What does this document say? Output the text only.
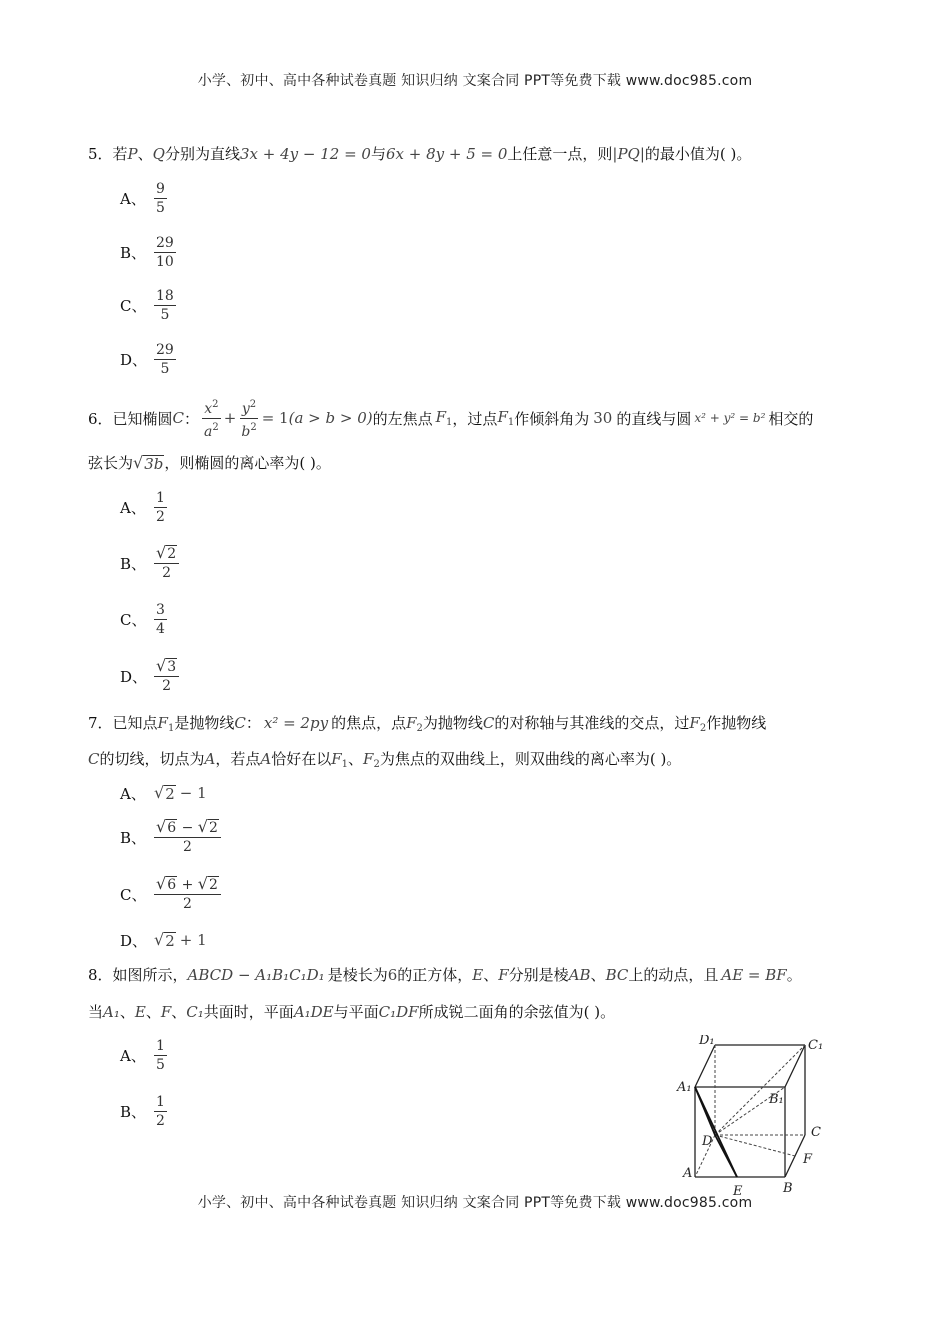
小学、初中、高中各种试卷真题 知识归纳 文案合同 PPT等免费下载 www.doc985.com
5．若P、Q分别为直线3x + 4y − 12 = 0与6x + 8y + 5 = 0上任意一点，则|PQ|的最小值为( )。
A、 $\frac{9}{5}$
B、 $\frac{29}{10}$
C、 $\frac{18}{5}$
D、 $\frac{29}{5}$
6．已知椭圆 C ： $\frac{x^2}{a^2} + \frac{y^2}{b^2} = 1$ (a > b > 0) 的左焦点 $F_1$ ，过点 $F_1$ 作倾斜角为 30 的直线与圆 x² + y² = b² 相交的
弦长为 √ 3b ，则椭圆的离心率为( )。
A、 $\frac{1}{2}$
B、 $\frac{√ 2}{2}$
C、 $\frac{3}{4}$
D、 $\frac{√ 3}{2}$
7．已知点$F_1$是抛物线C： x² = 2py 的焦点，点$F_2$为抛物线C的对称轴与其准线的交点，过$F_2$作抛物线
C的切线，切点为A，若点A恰好在以$F_1$、$F_2$为焦点的双曲线上，则双曲线的离心率为( )。
A、 √ 2 − 1
B、 $\frac{√ 6 - √ 2}{2}$
C、 $\frac{√ 6 + √ 2}{2}$
D、 √ 2 + 1
8．如图所示，ABCD − A₁B₁C₁D₁ 是棱长为6的正方体，E、F分别是棱AB、BC上的动点，且 AE = BF。
当A₁、E、F、C₁共面时，平面A₁DE与平面C₁DF所成锐二面角的余弦值为( )。
A、 $\frac{1}{5}$
B、 $\frac{1}{2}$
D₁	C₁
A₁
B₁
D
C
F
A
E	B
小学、初中、高中各种试卷真题 知识归纳 文案合同 PPT等免费下载 www.doc985.com
